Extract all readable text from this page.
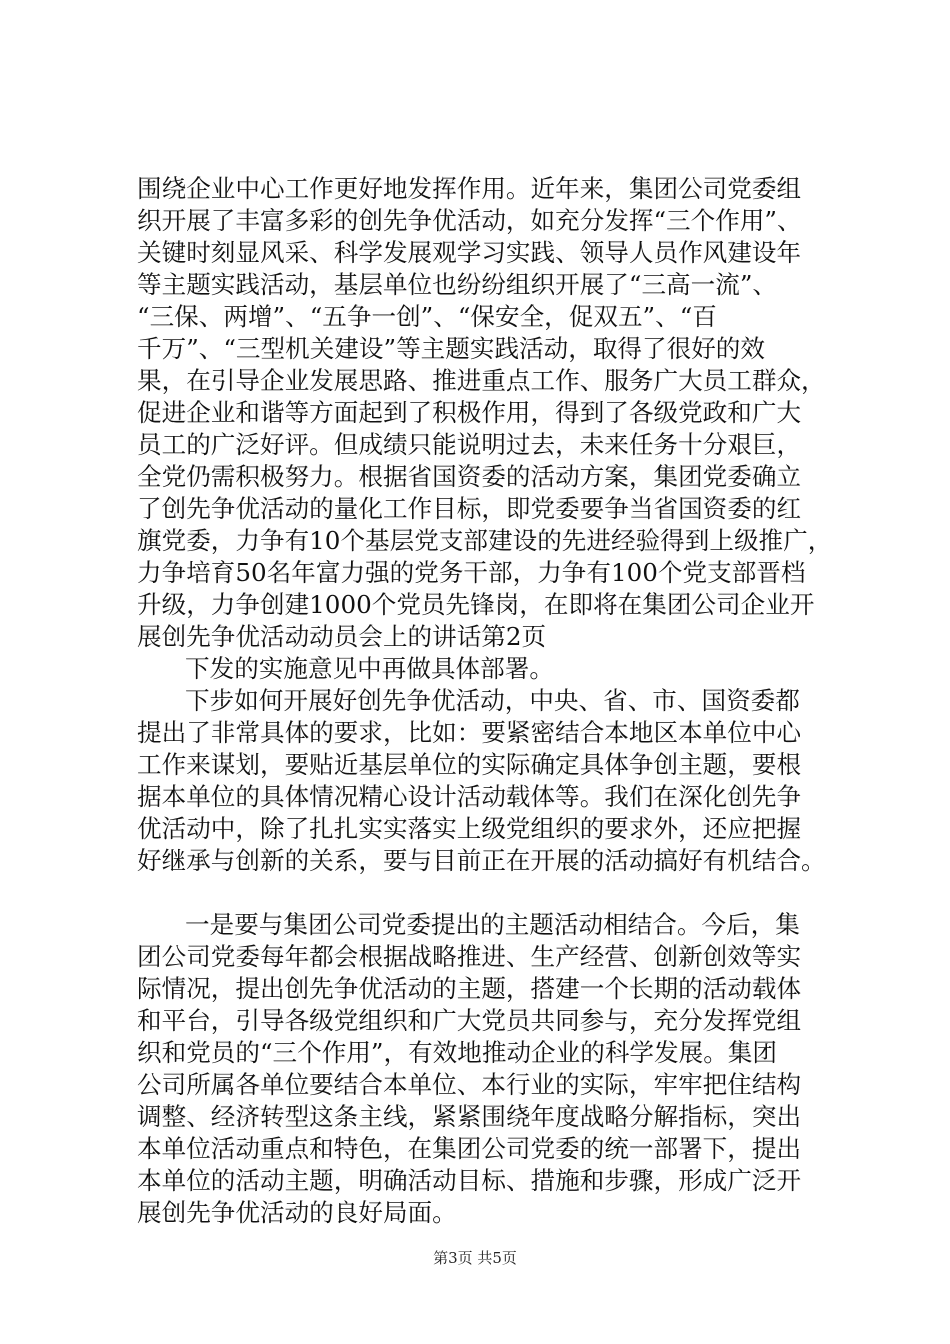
围绕企业中心工作更好地发挥作用。近年来，集团公司党委组
织开展了丰富多彩的创先争优活动，如充分发挥“三个作用”、
关键时刻显风采、科学发展观学习实践、领导人员作风建设年
等主题实践活动，基层单位也纷纷组织开展了“三高一流”、
“三保、两增”、“五争一创”、“保安全，促双五”、“百
千万”、“三型机关建设”等主题实践活动，取得了很好的效
果，在引导企业发展思路、推进重点工作、服务广大员工群众，
促进企业和谐等方面起到了积极作用，得到了各级党政和广大
员工的广泛好评。但成绩只能说明过去，未来任务十分艰巨，
全党仍需积极努力。根据省国资委的活动方案，集团党委确立
了创先争优活动的量化工作目标，即党委要争当省国资委的红
旗党委，力争有10个基层党支部建设的先进经验得到上级推广，
力争培育50名年富力强的党务干部，力争有100个党支部晋档
升级，力争创建1000个党员先锋岗，在即将在集团公司企业开
展创先争优活动动员会上的讲话第2页
下发的实施意见中再做具体部署。
下步如何开展好创先争优活动，中央、省、市、国资委都
提出了非常具体的要求，比如：要紧密结合本地区本单位中心
工作来谋划，要贴近基层单位的实际确定具体争创主题，要根
据本单位的具体情况精心设计活动载体等。我们在深化创先争
优活动中，除了扎扎实实落实上级党组织的要求外，还应把握
好继承与创新的关系，要与目前正在开展的活动搞好有机结合。
一是要与集团公司党委提出的主题活动相结合。今后，集
团公司党委每年都会根据战略推进、生产经营、创新创效等实
际情况，提出创先争优活动的主题，搭建一个长期的活动载体
和平台，引导各级党组织和广大党员共同参与，充分发挥党组
织和党员的“三个作用”，有效地推动企业的科学发展。集团
公司所属各单位要结合本单位、本行业的实际，牢牢把住结构
调整、经济转型这条主线，紧紧围绕年度战略分解指标，突出
本单位活动重点和特色，在集团公司党委的统一部署下，提出
本单位的活动主题，明确活动目标、措施和步骤，形成广泛开
展创先争优活动的良好局面。
第3页 共5页
